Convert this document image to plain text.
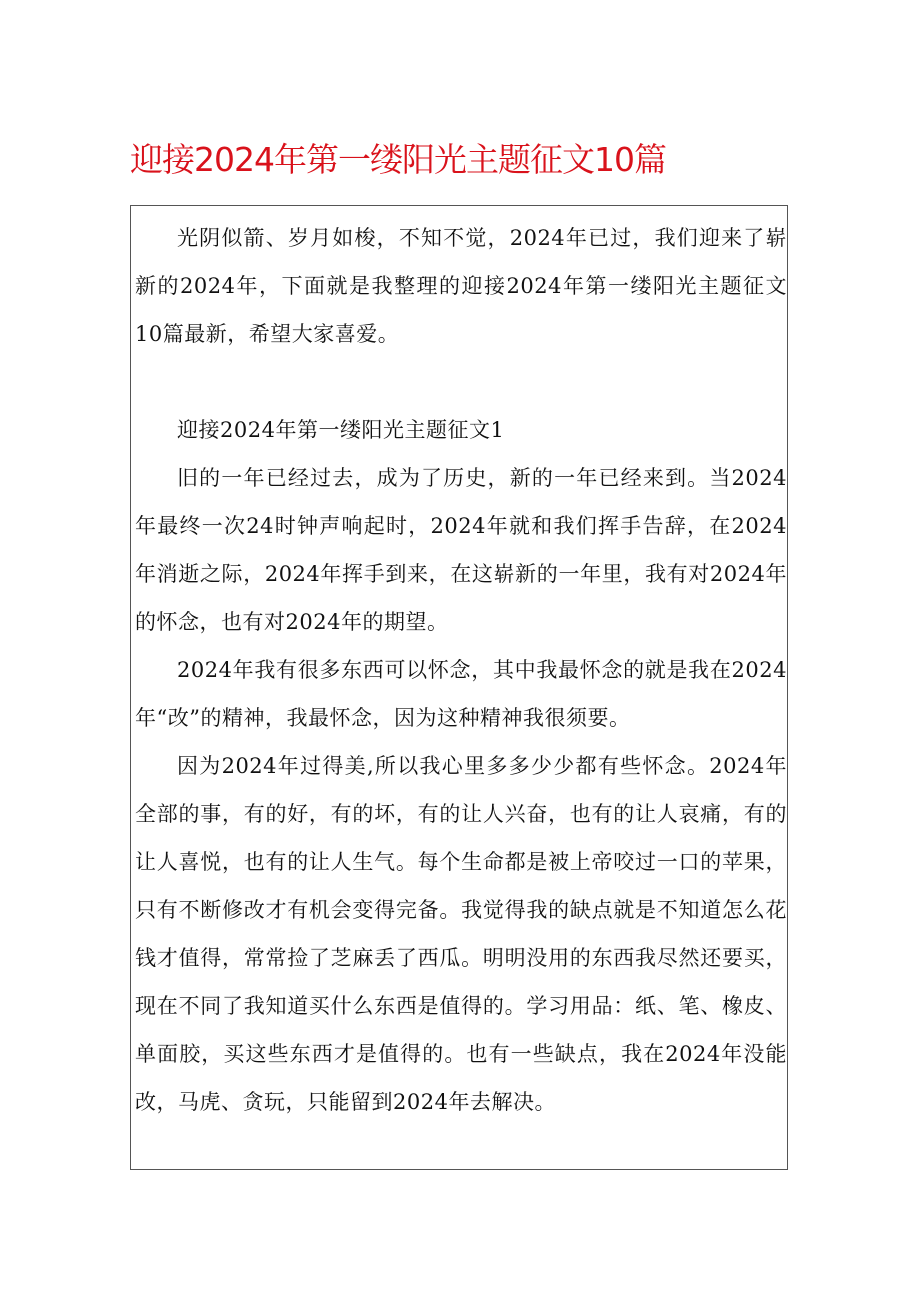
迎接2024年第一缕阳光主题征文10篇

光阴似箭、岁月如梭，不知不觉，2024年已过，我们迎来了崭新的2024年，下面就是我整理的迎接2024年第一缕阳光主题征文10篇最新，希望大家喜爱。

迎接2024年第一缕阳光主题征文1

旧的一年已经过去，成为了历史，新的一年已经来到。当2024年最终一次24时钟声响起时，2024年就和我们挥手告辞，在2024年消逝之际，2024年挥手到来，在这崭新的一年里，我有对2024年的怀念，也有对2024年的期望。

2024年我有很多东西可以怀念，其中我最怀念的就是我在2024年“改”的精神，我最怀念，因为这种精神我很须要。

因为2024年过得美,所以我心里多多少少都有些怀念。2024年全部的事，有的好，有的坏，有的让人兴奋，也有的让人哀痛，有的让人喜悦，也有的让人生气。每个生命都是被上帝咬过一口的苹果，只有不断修改才有机会变得完备。我觉得我的缺点就是不知道怎么花钱才值得，常常捡了芝麻丢了西瓜。明明没用的东西我尽然还要买，现在不同了我知道买什么东西是值得的。学习用品：纸、笔、橡皮、单面胶，买这些东西才是值得的。也有一些缺点，我在2024年没能改，马虎、贪玩，只能留到2024年去解决。
